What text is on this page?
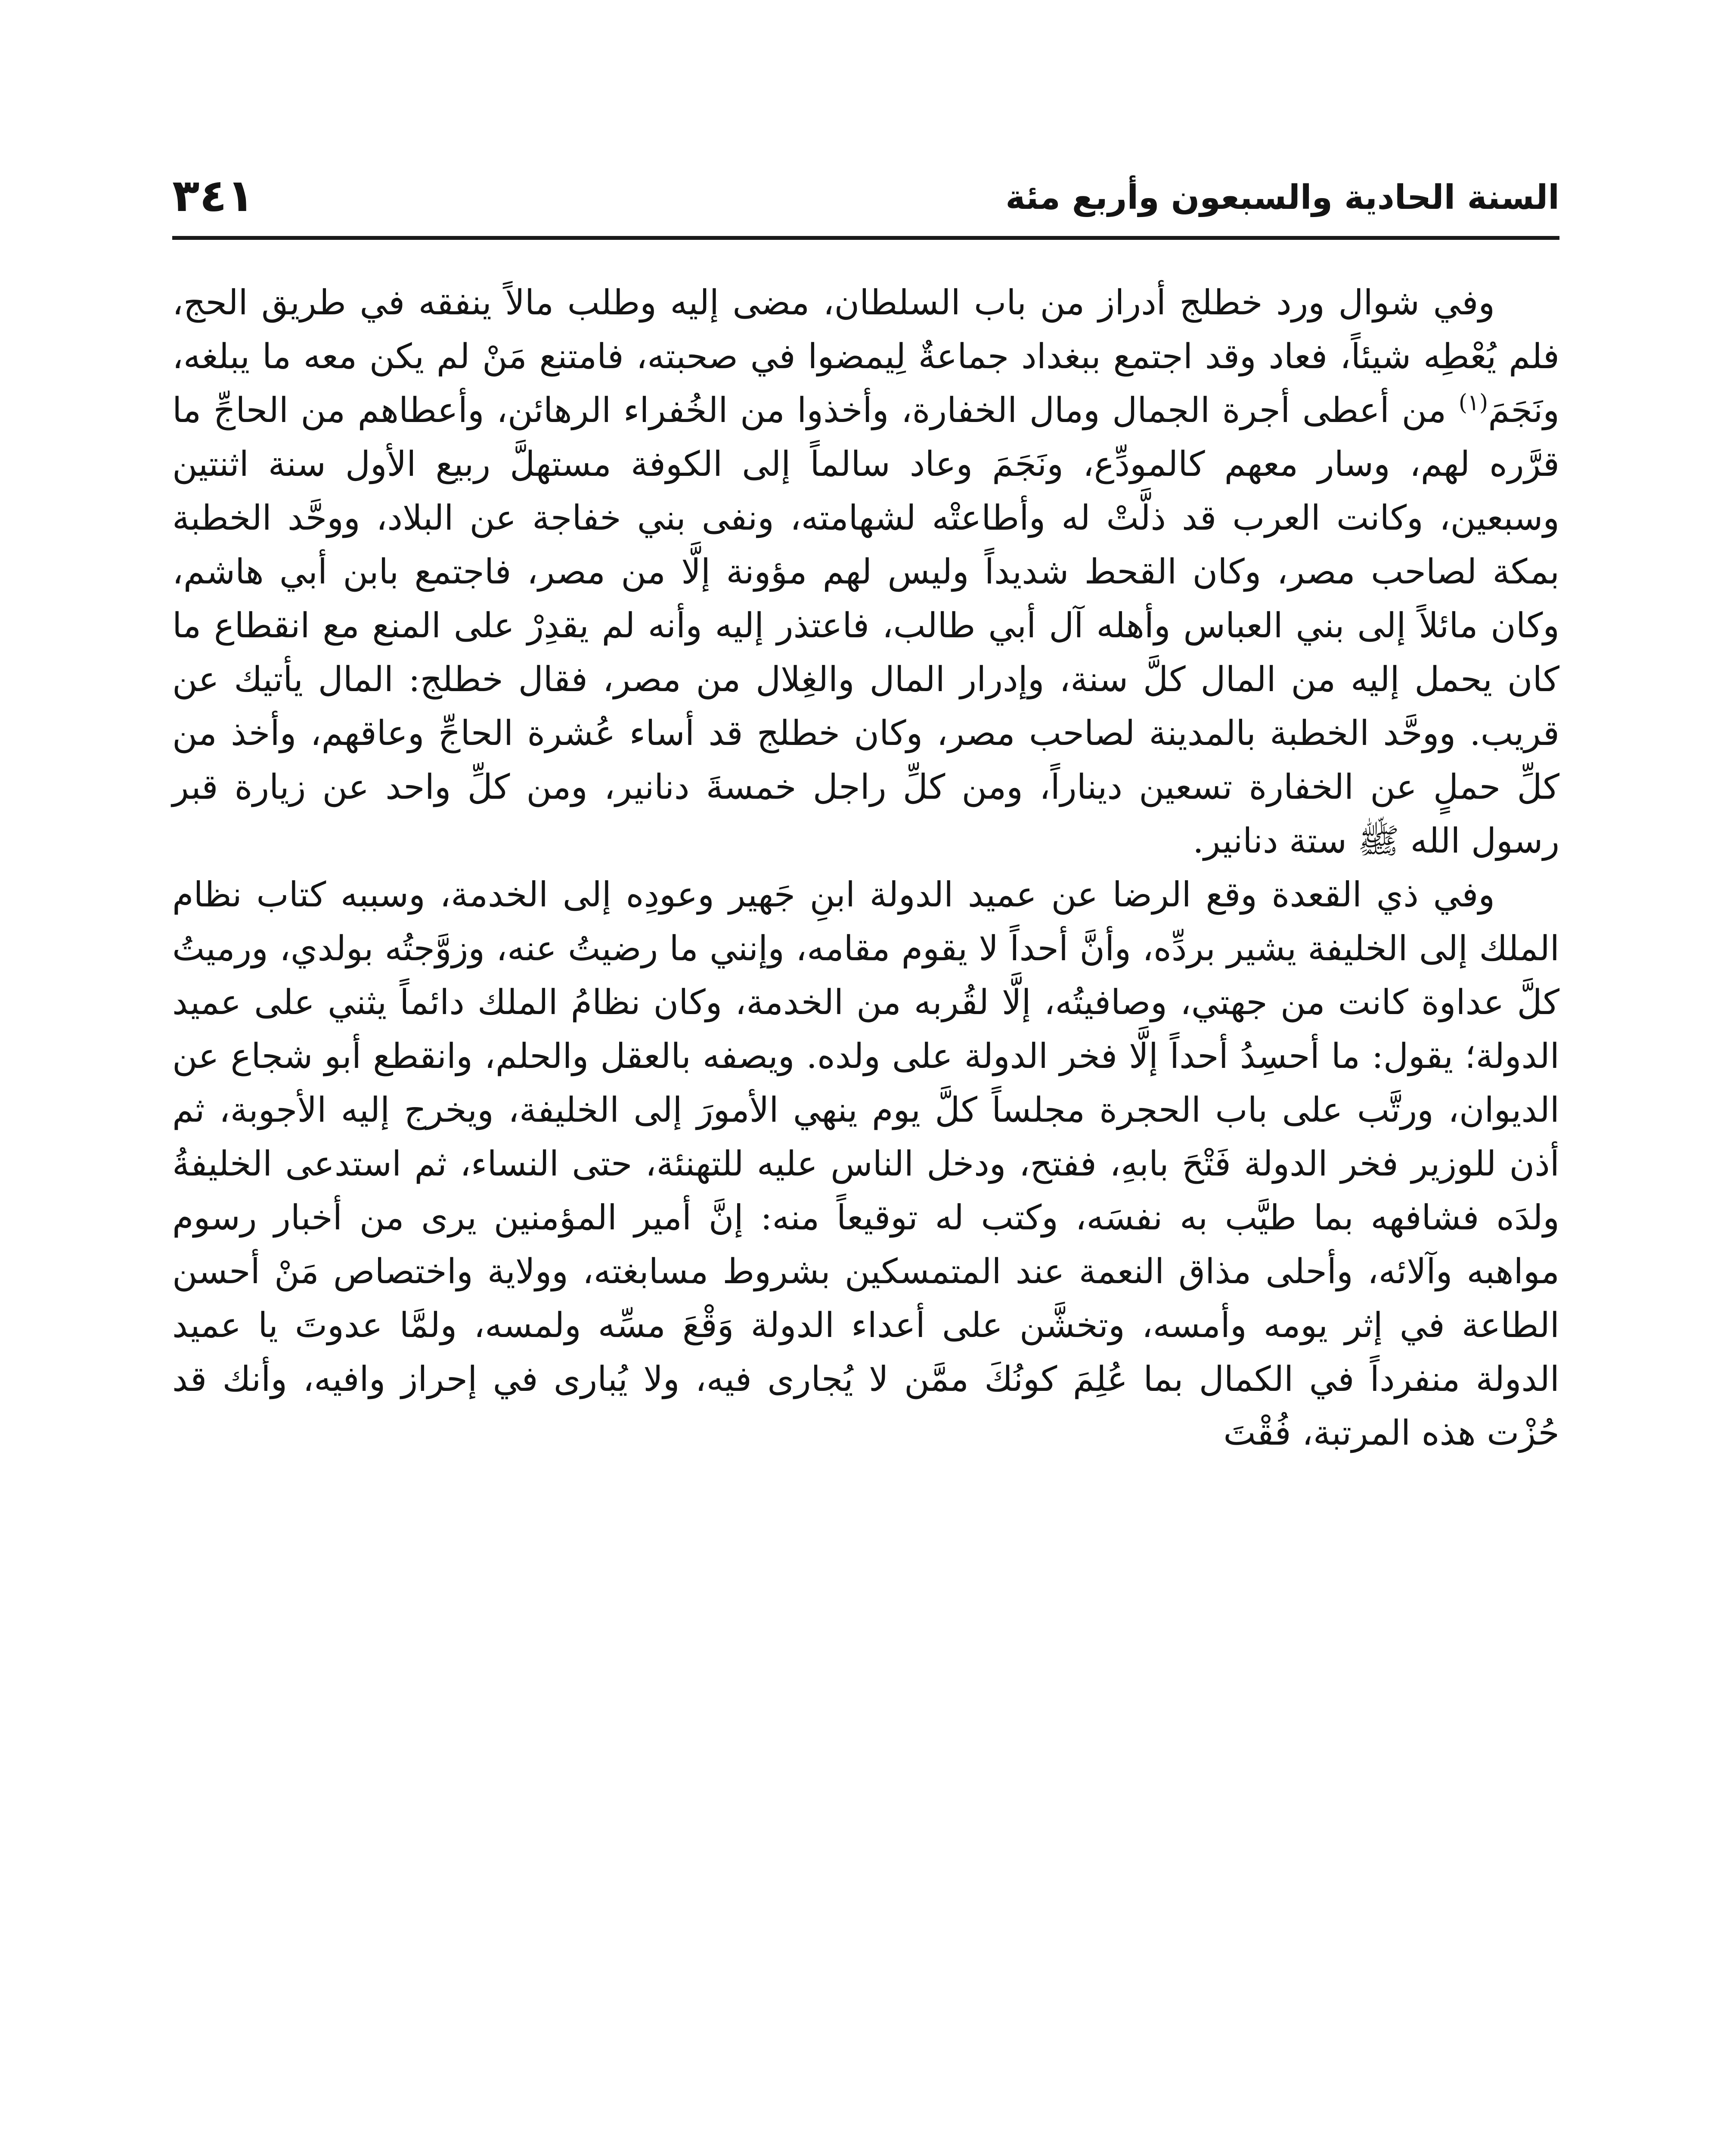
السنة الحادية والسبعون وأربع مئة
٣٤١

وفي شوال ورد خطلج أدراز من باب السلطان، مضى إليه وطلب مالاً ينفقه في طريق الحج، فلم يُعْطِه شيئاً، فعاد وقد اجتمع ببغداد جماعةٌ لِيمضوا في صحبته، فامتنع مَنْ لم يكن معه ما يبلغه، ونَجَمَ$^{(١)}$ من أعطى أجرة الجمال ومال الخفارة، وأخذوا من الخُفراء الرهائن، وأعطاهم من الحاجِّ ما قرَّره لهم، وسار معهم كالمودِّع، ونَجَمَ وعاد سالماً إلى الكوفة مستهلَّ ربيع الأول سنة اثنتين وسبعين، وكانت العرب قد ذلَّتْ له وأطاعتْه لشهامته، ونفى بني خفاجة عن البلاد، ووحَّد الخطبة بمكة لصاحب مصر، وكان القحط شديداً وليس لهم مؤونة إلَّا من مصر، فاجتمع بابن أبي هاشم، وكان مائلاً إلى بني العباس وأهله آل أبي طالب، فاعتذر إليه وأنه لم يقدِرْ على المنع مع انقطاع ما كان يحمل إليه من المال كلَّ سنة، وإدرار المال والغِلال من مصر، فقال خطلج: المال يأتيك عن قريب. ووحَّد الخطبة بالمدينة لصاحب مصر، وكان خطلج قد أساء عُشرة الحاجِّ وعاقهم، وأخذ من كلِّ حملٍ عن الخفارة تسعين ديناراً، ومن كلِّ راجل خمسةَ دنانير، ومن كلِّ واحد عن زيارة قبر رسول الله ﷺ ستة دنانير.

وفي ذي القعدة وقع الرضا عن عميد الدولة ابنِ جَهير وعودِه إلى الخدمة، وسببه كتاب نظام الملك إلى الخليفة يشير بردِّه، وأنَّ أحداً لا يقوم مقامه، وإنني ما رضيتُ عنه، وزوَّجتُه بولدي، ورميتُ كلَّ عداوة كانت من جهتي، وصافيتُه، إلَّا لقُربه من الخدمة، وكان نظامُ الملك دائماً يثني على عميد الدولة؛ يقول: ما أحسِدُ أحداً إلَّا فخر الدولة على ولده. ويصفه بالعقل والحلم، وانقطع أبو شجاع عن الديوان، ورتَّب على باب الحجرة مجلساً كلَّ يوم ينهي الأمورَ إلى الخليفة، ويخرج إليه الأجوبة، ثم أذن للوزير فخر الدولة فَتْحَ بابهِ، ففتح، ودخل الناس عليه للتهنئة، حتى النساء، ثم استدعى الخليفةُ ولدَه فشافهه بما طيَّب به نفسَه، وكتب له توقيعاً منه: إنَّ أمير المؤمنين يرى من أخبار رسوم مواهبه وآلائه، وأحلى مذاق النعمة عند المتمسكين بشروط مسابغته، وولاية واختصاص مَنْ أحسن الطاعة في إثر يومه وأمسه، وتخشَّن على أعداء الدولة وَقْعَ مسِّه ولمسه، ولمَّا عدوتَ يا عميد الدولة منفرداً في الكمال بما عُلِمَ كونُكَ ممَّن لا يُجارى فيه، ولا يُبارى في إحراز وافيه، وأنك قد حُزْت هذه المرتبة، فُقْتَ
